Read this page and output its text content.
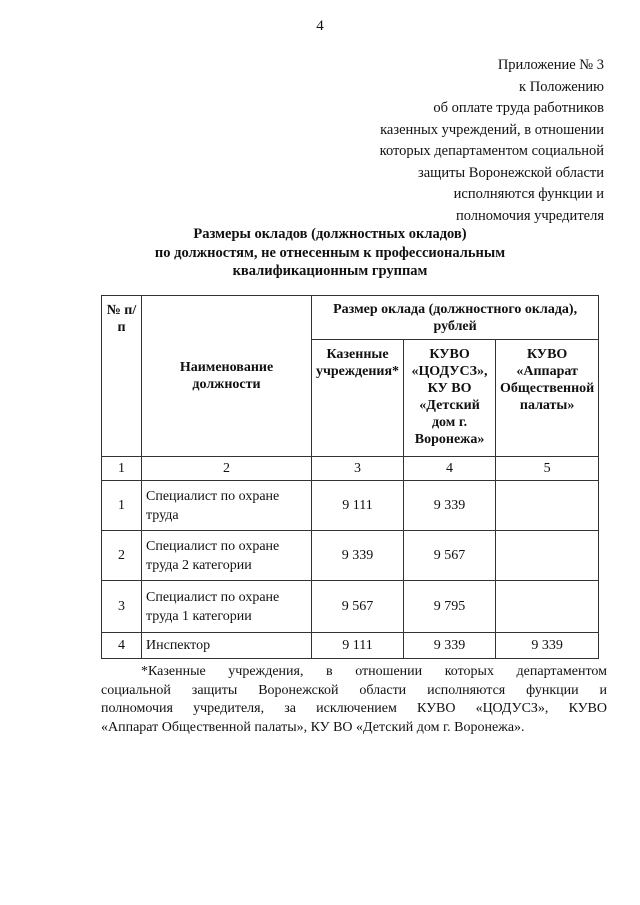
4
Приложение № 3
к Положению
об оплате труда работников
казенных учреждений, в отношении
которых департаментом социальной
защиты Воронежской области
исполняются функции и
полномочия учредителя
Размеры окладов (должностных окладов)
по должностям, не отнесенным к профессиональным
квалификационным группам
№ п/п	Наименование должности	Размер оклада (должностного оклада), рублей		
		Казенные учреждения*	КУВО «ЦОДУСЗ», КУ ВО «Детский дом г. Воронежа»	КУВО «Аппарат Общественной палаты»
1	2	3	4	5
1	Специалист по охране труда	9 111	9 339	
2	Специалист по охране труда 2 категории	9 339	9 567	
3	Специалист по охране труда 1 категории	9 567	9 795	
4	Инспектор	9 111	9 339	9 339
*Казенные учреждения, в отношении которых департаментом
социальной защиты Воронежской области исполняются функции и
полномочия учредителя, за исключением КУВО «ЦОДУСЗ», КУВО
«Аппарат Общественной палаты», КУ ВО «Детский дом г. Воронежа».
